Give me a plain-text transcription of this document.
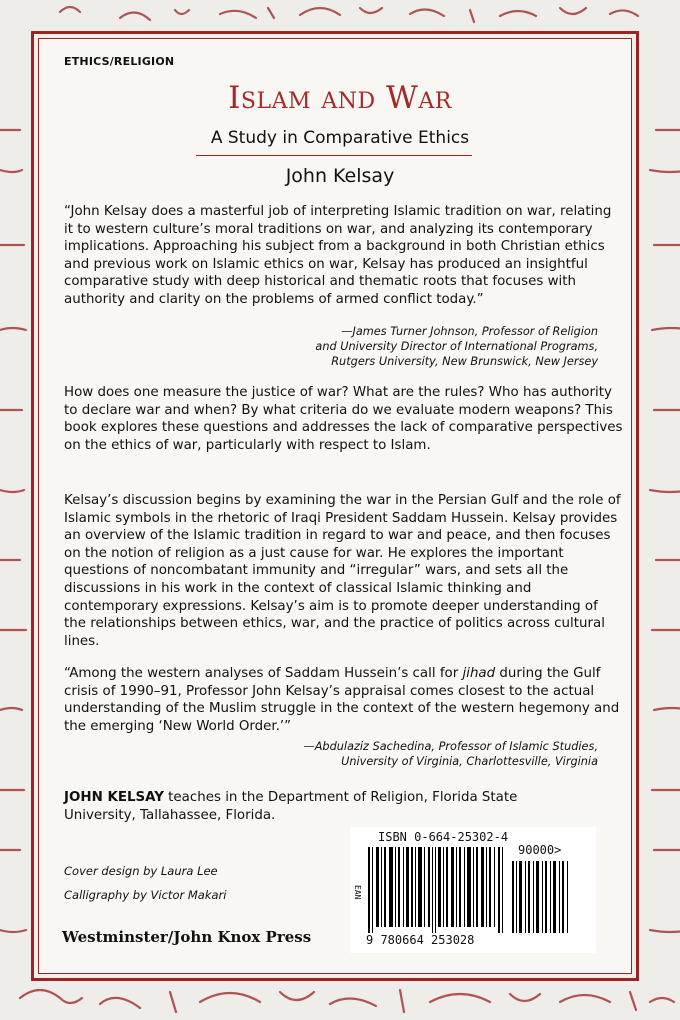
ETHICS/RELIGION
Islam and War
A Study in Comparative Ethics
John Kelsay
“John Kelsay does a masterful job of interpreting Islamic tradition on war, relating it to western culture’s moral traditions on war, and analyzing its contemporary implications. Approaching his subject from a background in both Christian ethics and previous work on Islamic ethics on war, Kelsay has produced an insightful comparative study with deep historical and thematic roots that focuses with authority and clarity on the problems of armed conflict today.”
—James Turner Johnson, Professor of Religion
and University Director of International Programs,
Rutgers University, New Brunswick, New Jersey
How does one measure the justice of war? What are the rules? Who has authority to declare war and when? By what criteria do we evaluate modern weapons? This book explores these questions and addresses the lack of comparative perspectives on the ethics of war, particularly with respect to Islam.
Kelsay’s discussion begins by examining the war in the Persian Gulf and the role of Islamic symbols in the rhetoric of Iraqi President Saddam Hussein. Kelsay provides an overview of the Islamic tradition in regard to war and peace, and then focuses on the notion of religion as a just cause for war. He explores the important questions of noncombatant immunity and “irregular” wars, and sets all the discussions in his work in the context of classical Islamic thinking and contemporary expressions. Kelsay’s aim is to promote deeper understanding of the relationships between ethics, war, and the practice of politics across cultural lines.
“Among the western analyses of Saddam Hussein’s call for jihad during the Gulf crisis of 1990–91, Professor John Kelsay’s appraisal comes closest to the actual understanding of the Muslim struggle in the context of the western hegemony and the emerging ‘New World Order.’”
—Abdulaziz Sachedina, Professor of Islamic Studies,
University of Virginia, Charlottesville, Virginia
JOHN KELSAY teaches in the Department of Religion, Florida State University, Tallahassee, Florida.
Cover design by Laura Lee
Calligraphy by Victor Makari
Westminster/John Knox Press
ISBN 0-664-25302-4
90000>
EAN
9 780664 253028
